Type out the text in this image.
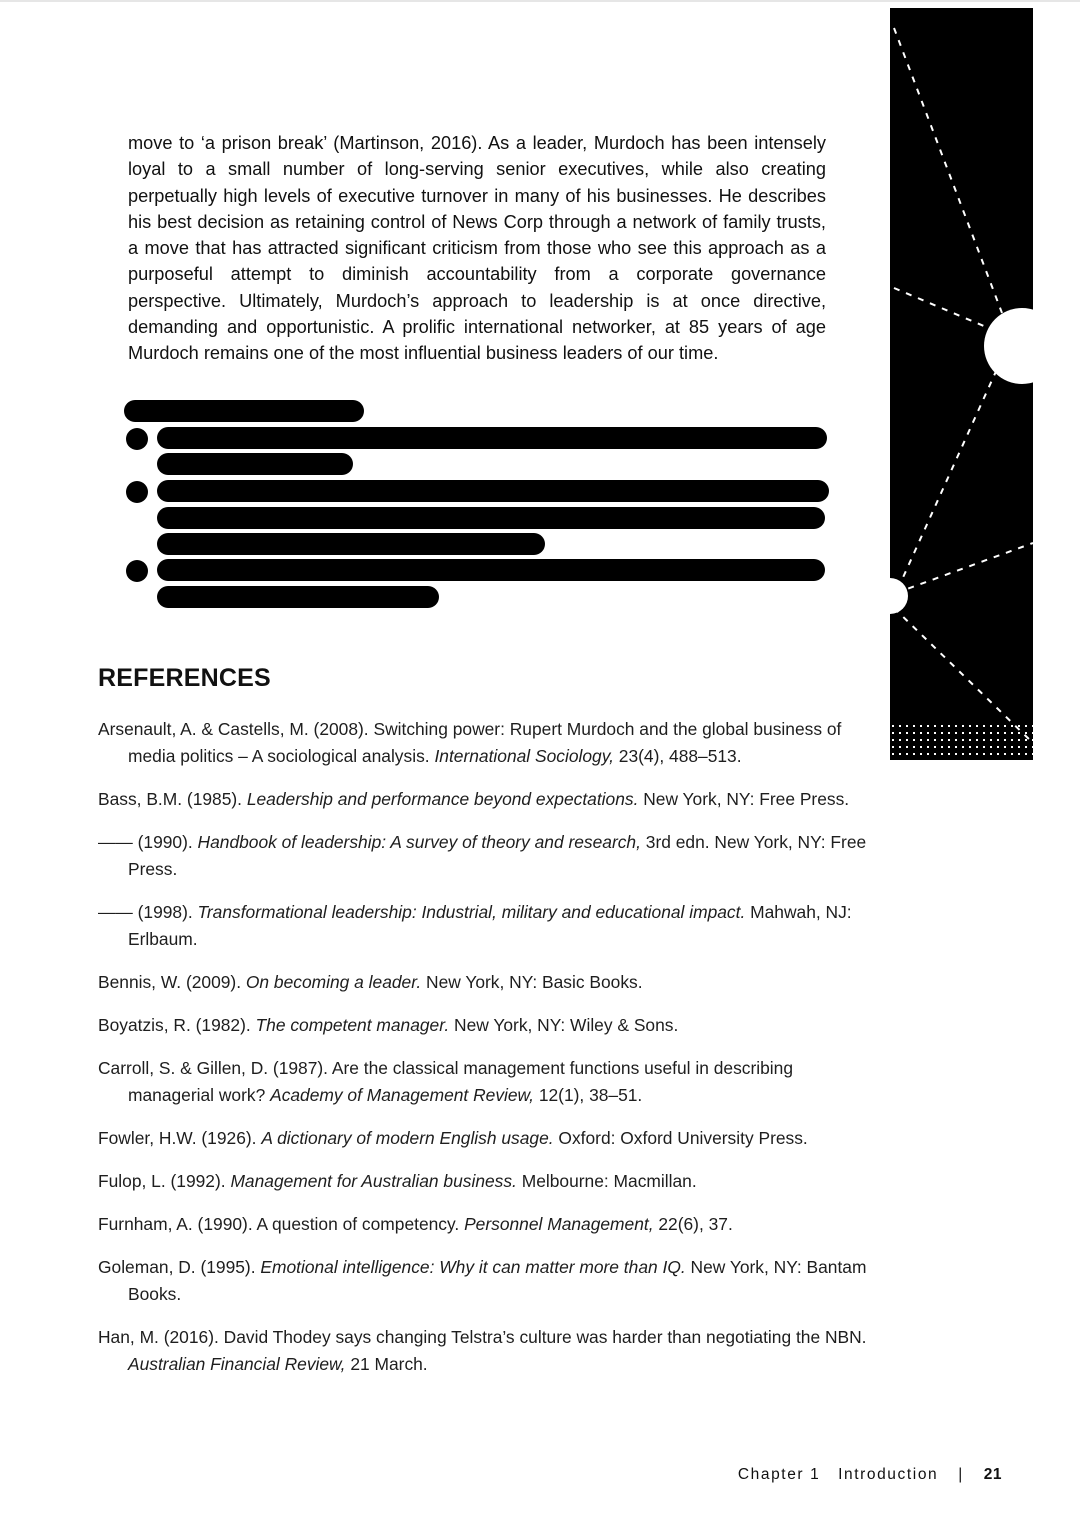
move to ‘a prison break’ (Martinson, 2016). As a leader, Murdoch has been intensely loyal to a small number of long-serving senior executives, while also creating perpetually high levels of executive turnover in many of his businesses. He describes his best decision as retaining control of News Corp through a network of family trusts, a move that has attracted significant criticism from those who see this approach as a purposeful attempt to diminish accountability from a corporate governance perspective. Ultimately, Murdoch’s approach to leadership is at once directive, demanding and opportunistic. A prolific international networker, at 85 years of age Murdoch remains one of the most influential business leaders of our time.

REFERENCES
Arsenault, A. & Castells, M. (2008). Switching power: Rupert Murdoch and the global business of media politics – A sociological analysis. International Sociology, 23(4), 488–513.
Bass, B.M. (1985). Leadership and performance beyond expectations. New York, NY: Free Press.
—— (1990). Handbook of leadership: A survey of theory and research, 3rd edn. New York, NY: Free Press.
—— (1998). Transformational leadership: Industrial, military and educational impact. Mahwah, NJ: Erlbaum.
Bennis, W. (2009). On becoming a leader. New York, NY: Basic Books.
Boyatzis, R. (1982). The competent manager. New York, NY: Wiley & Sons.
Carroll, S. & Gillen, D. (1987). Are the classical management functions useful in describing managerial work? Academy of Management Review, 12(1), 38–51.
Fowler, H.W. (1926). A dictionary of modern English usage. Oxford: Oxford University Press.
Fulop, L. (1992). Management for Australian business. Melbourne: Macmillan.
Furnham, A. (1990). A question of competency. Personnel Management, 22(6), 37.
Goleman, D. (1995). Emotional intelligence: Why it can matter more than IQ. New York, NY: Bantam Books.
Han, M. (2016). David Thodey says changing Telstra’s culture was harder than negotiating the NBN. Australian Financial Review, 21 March.
Chapter 1 Introduction | 21
